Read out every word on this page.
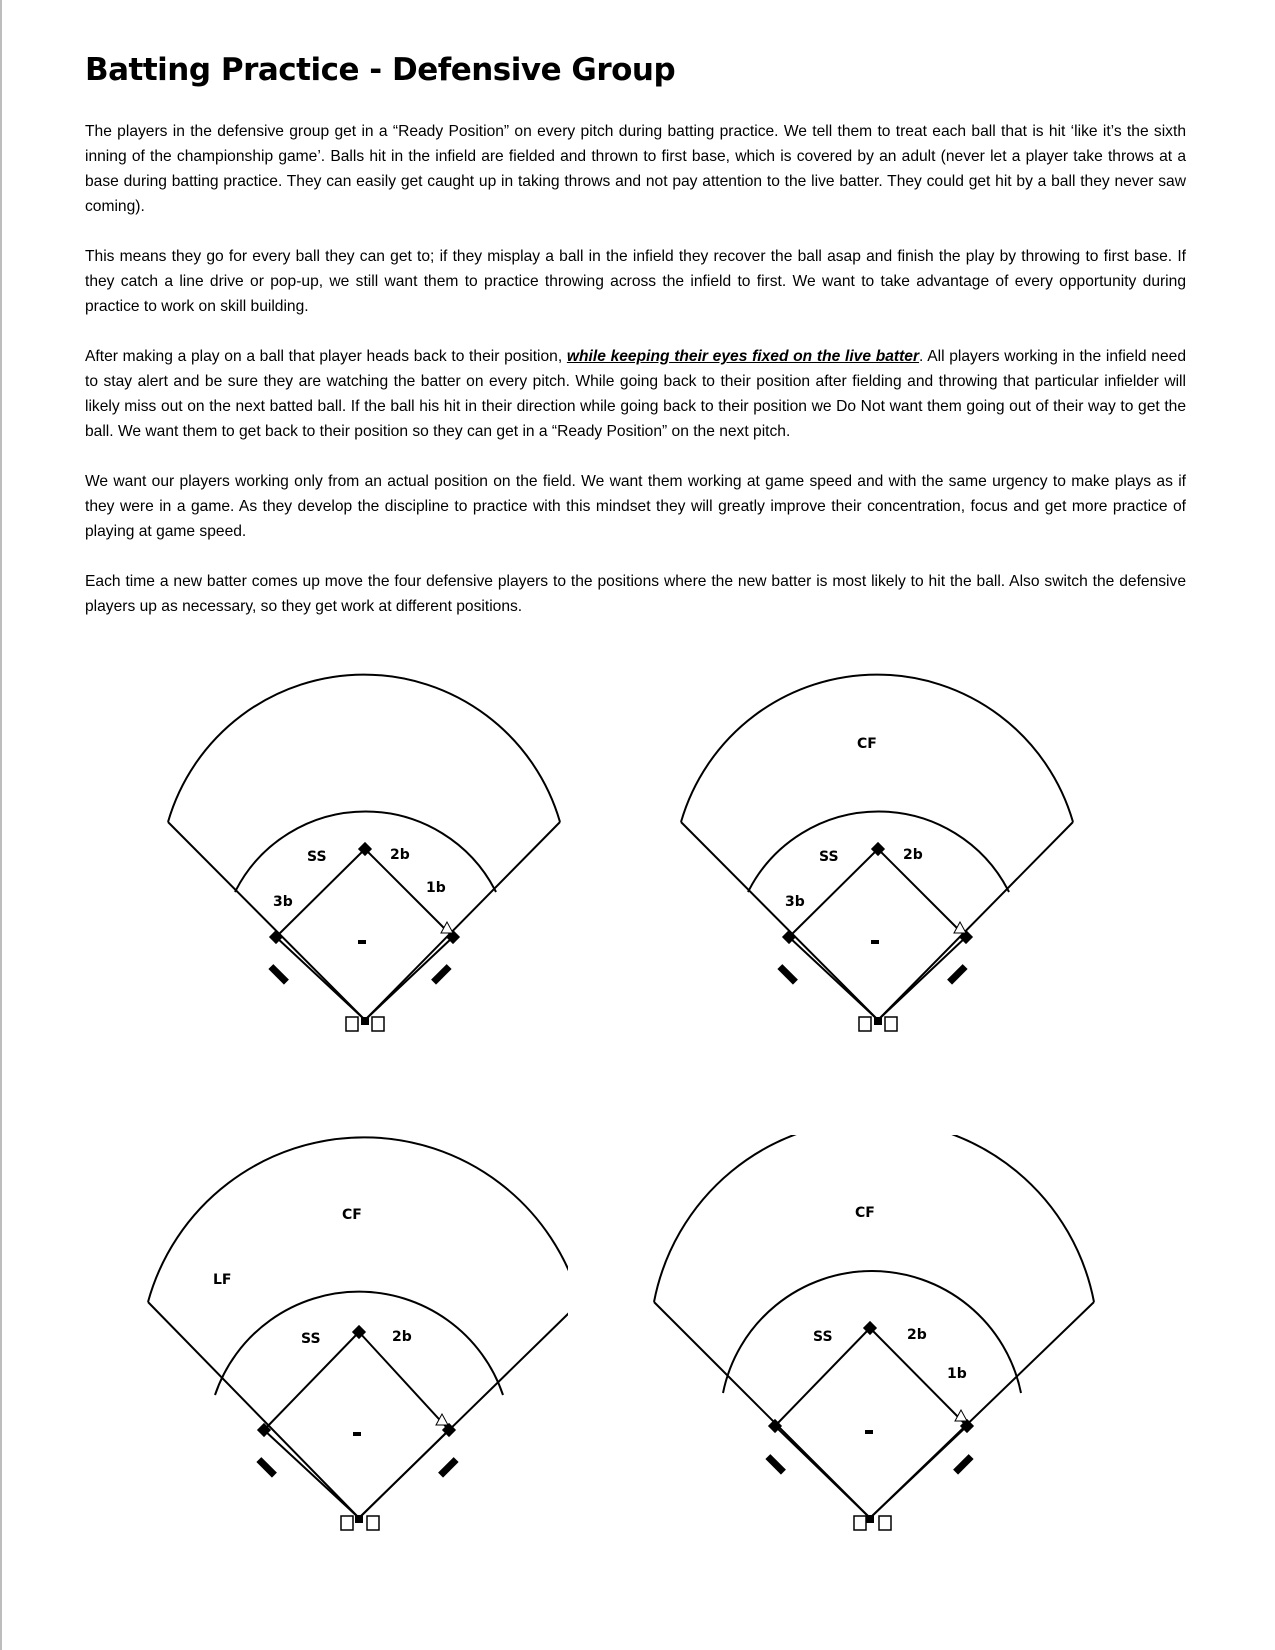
Batting Practice - Defensive Group

The players in the defensive group get in a “Ready Position” on every pitch during batting practice. We tell them to treat each ball that is hit ‘like it’s the sixth inning of the championship game’. Balls hit in the infield are fielded and thrown to first base, which is covered by an adult (never let a player take throws at a base during batting practice. They can easily get caught up in taking throws and not pay attention to the live batter. They could get hit by a ball they never saw coming).

This means they go for every ball they can get to; if they misplay a ball in the infield they recover the ball asap and finish the play by throwing to first base. If they catch a line drive or pop-up, we still want them to practice throwing across the infield to first. We want to take advantage of every opportunity during practice to work on skill building.

After making a play on a ball that player heads back to their position, while keeping their eyes fixed on the live batter. All players working in the infield need to stay alert and be sure they are watching the batter on every pitch. While going back to their position after fielding and throwing that particular infielder will likely miss out on the next batted ball. If the ball his hit in their direction while going back to their position we Do Not want them going out of their way to get the ball. We want them to get back to their position so they can get in a “Ready Position” on the next pitch.

We want our players working only from an actual position on the field. We want them working at game speed and with the same urgency to make plays as if they were in a game. As they develop the discipline to practice with this mindset they will greatly improve their concentration, focus and get more practice of playing at game speed.

Each time a new batter comes up move the four defensive players to the positions where the new batter is most likely to hit the ball. Also switch the defensive players up as necessary, so they get work at different positions.

SS	2b
1b
3b
CF
SS	2b
3b
CF
LF
SS	2b
CF
SS	2b
1b
